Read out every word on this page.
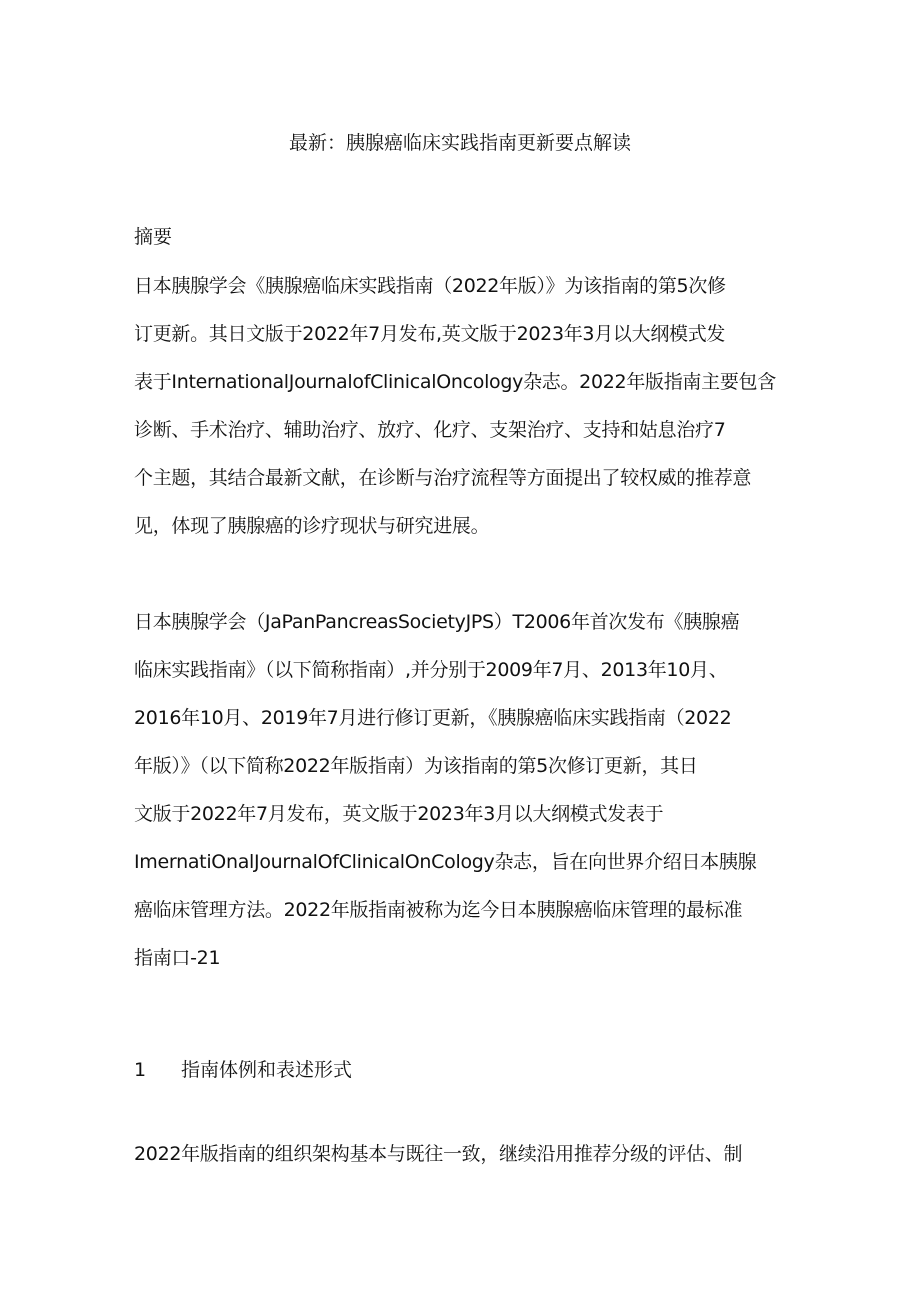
最新：胰腺癌临床实践指南更新要点解读
摘要
日本胰腺学会《胰腺癌临床实践指南（2022年版）》为该指南的第5次修
订更新。其日文版于2022年7月发布,英文版于2023年3月以大纲模式发
表于InternationalJournalofClinicalOncology杂志。2022年版指南主要包含
诊断、手术治疗、辅助治疗、放疗、化疗、支架治疗、支持和姑息治疗7
个主题，其结合最新文献，在诊断与治疗流程等方面提出了较权威的推荐意
见，体现了胰腺癌的诊疗现状与研究进展。
日本胰腺学会（JaPanPancreasSocietyJPS）T2006年首次发布《胰腺癌
临床实践指南》（以下简称指南）,并分别于2009年7月、2013年10月、
2016年10月、2019年7月进行修订更新，《胰腺癌临床实践指南（2022
年版）》（以下简称2022年版指南）为该指南的第5次修订更新，其日
文版于2022年7月发布，英文版于2023年3月以大纲模式发表于
ImernatiOnalJournalOfClinicalOnCology杂志，旨在向世界介绍日本胰腺
癌临床管理方法。2022年版指南被称为迄今日本胰腺癌临床管理的最标准
指南口-21
1 指南体例和表述形式
2022年版指南的组织架构基本与既往一致，继续沿用推荐分级的评估、制
